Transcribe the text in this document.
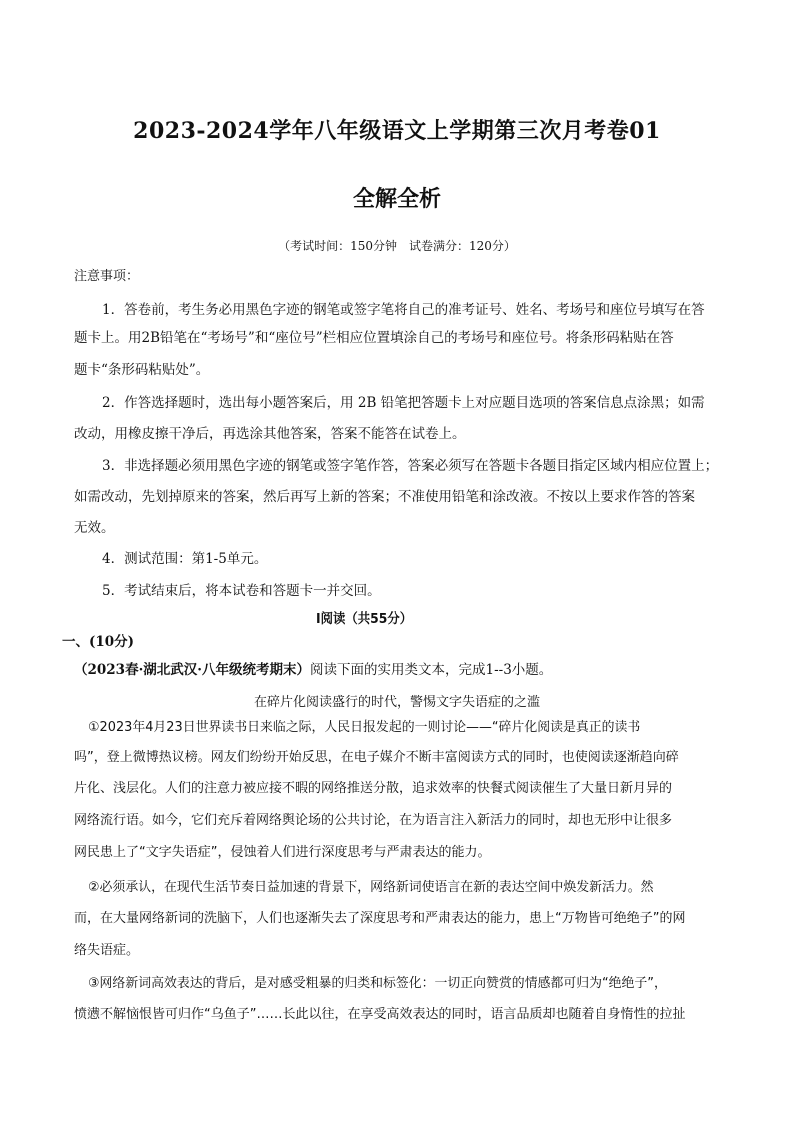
2023-2024学年八年级语文上学期第三次月考卷01
全解全析
（考试时间：150分钟　试卷满分：120分）
注意事项：
1．答卷前，考生务必用黑色字迹的钢笔或签字笔将自己的准考证号、姓名、考场号和座位号填写在答
题卡上。用2B铅笔在“考场号”和“座位号”栏相应位置填涂自己的考场号和座位号。将条形码粘贴在答
题卡“条形码粘贴处”。
2．作答选择题时，选出每小题答案后，用 2B 铅笔把答题卡上对应题目选项的答案信息点涂黑；如需
改动，用橡皮擦干净后，再选涂其他答案，答案不能答在试卷上。
3．非选择题必须用黑色字迹的钢笔或签字笔作答，答案必须写在答题卡各题目指定区域内相应位置上；
如需改动，先划掉原来的答案，然后再写上新的答案；不准使用铅笔和涂改液。不按以上要求作答的答案
无效。
4．测试范围：第1-5单元。
5．考试结束后，将本试卷和答题卡一并交回。
Ⅰ阅读（共55分）
一、(10分)
（2023春·湖北武汉·八年级统考期末）阅读下面的实用类文本，完成1--3小题。
在碎片化阅读盛行的时代，警惕文字失语症的之滥
①2023年4月23日世界读书日来临之际，人民日报发起的一则讨论——“碎片化阅读是真正的读书
吗”，登上微博热议榜。网友们纷纷开始反思，在电子媒介不断丰富阅读方式的同时，也使阅读逐渐趋向碎
片化、浅层化。人们的注意力被应接不暇的网络推送分散，追求效率的快餐式阅读催生了大量日新月异的
网络流行语。如今，它们充斥着网络舆论场的公共讨论，在为语言注入新活力的同时，却也无形中让很多
网民患上了“文字失语症”，侵蚀着人们进行深度思考与严肃表达的能力。
②必须承认，在现代生活节奏日益加速的背景下，网络新词使语言在新的表达空间中焕发新活力。然
而，在大量网络新词的洗脑下，人们也逐渐失去了深度思考和严肃表达的能力，患上“万物皆可绝绝子”的网
络失语症。
③网络新词高效表达的背后，是对感受粗暴的归类和标签化：一切正向赞赏的情感都可归为“绝绝子”，
愤懑不解恼恨皆可归作“乌鱼子”……长此以往，在享受高效表达的同时，语言品质却也随着自身惰性的拉扯
